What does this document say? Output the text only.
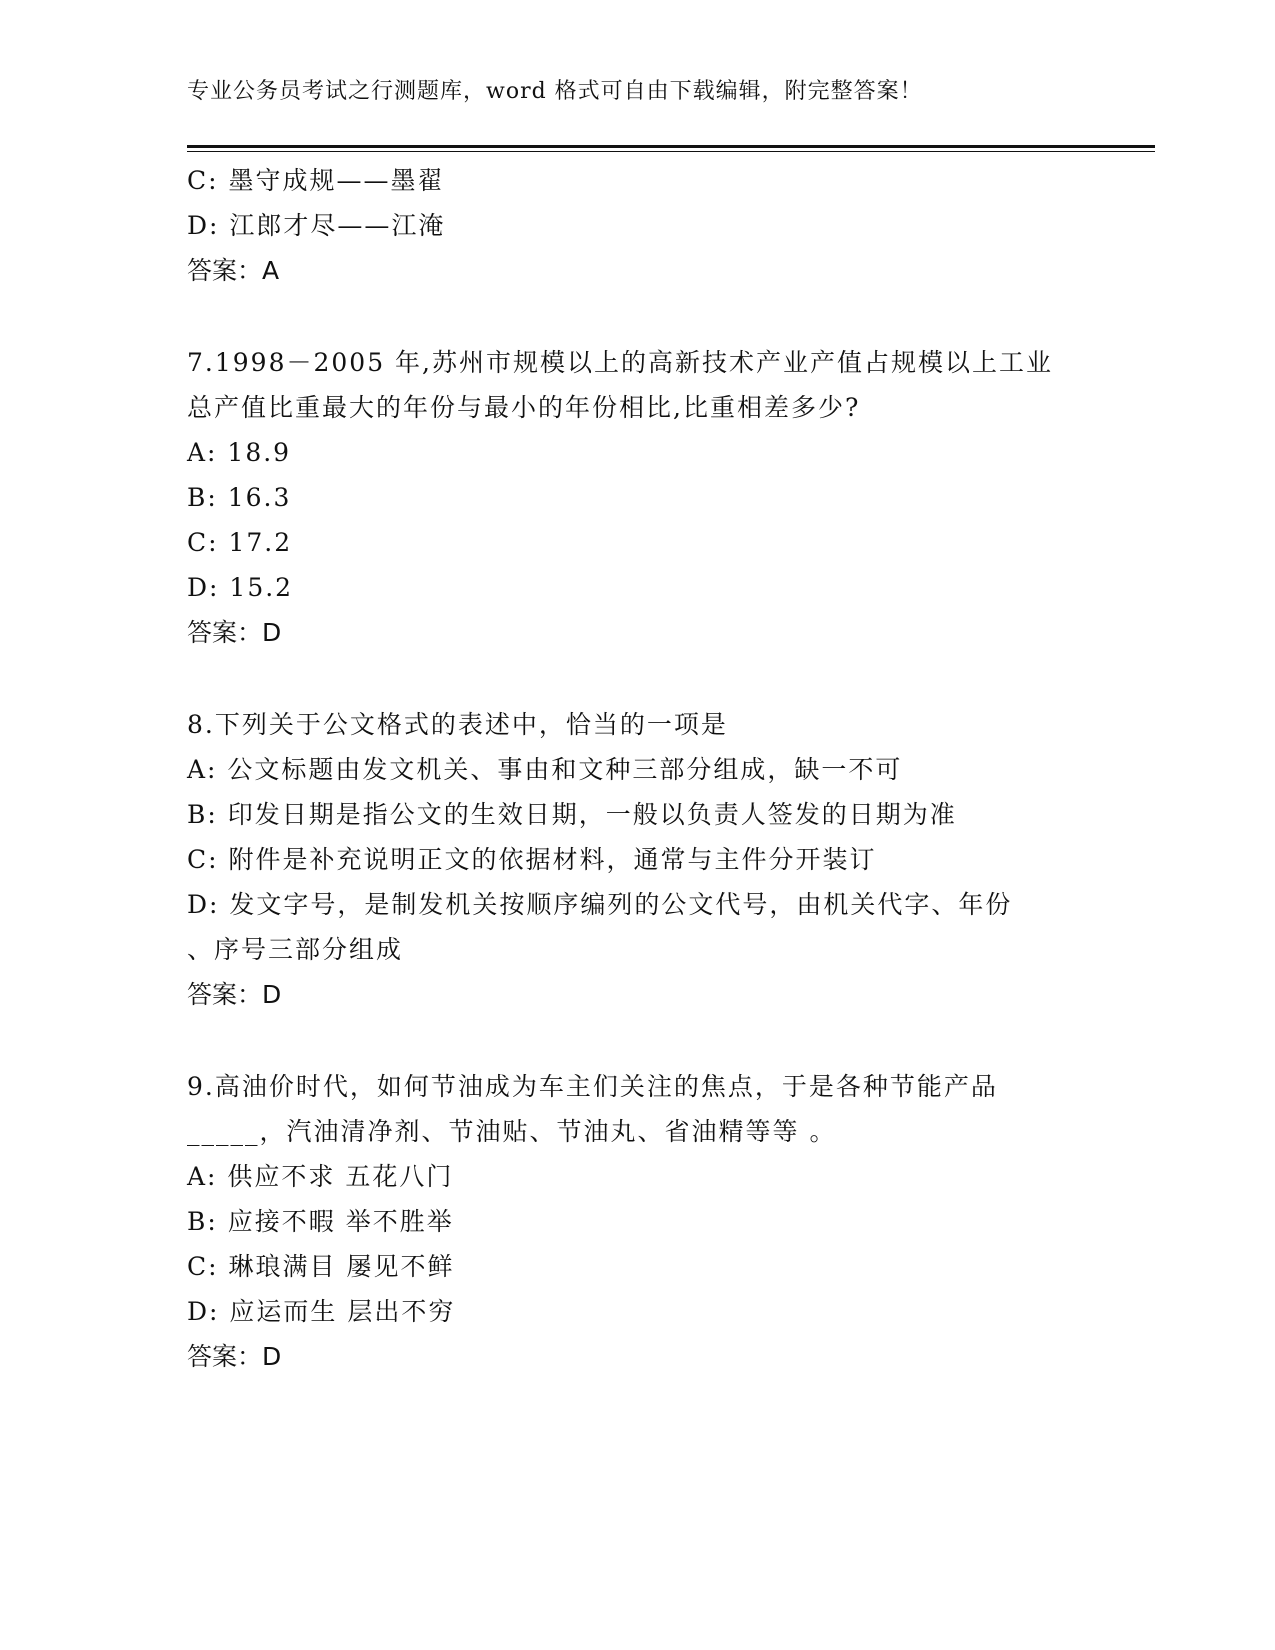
专业公务员考试之行测题库，word 格式可自由下载编辑，附完整答案！
C: 墨守成规——墨翟
D: 江郎才尽——江淹
答案：A
7.1998－2005 年,苏州市规模以上的高新技术产业产值占规模以上工业
总产值比重最大的年份与最小的年份相比,比重相差多少?
A: 18.9
B: 16.3
C: 17.2
D: 15.2
答案：D
8.下列关于公文格式的表述中，恰当的一项是
A: 公文标题由发文机关、事由和文种三部分组成，缺一不可
B: 印发日期是指公文的生效日期，一般以负责人签发的日期为准
C: 附件是补充说明正文的依据材料，通常与主件分开装订
D: 发文字号，是制发机关按顺序编列的公文代号，由机关代字、年份
、序号三部分组成
答案：D
9.高油价时代，如何节油成为车主们关注的焦点，于是各种节能产品
_____，汽油清净剂、节油贴、节油丸、省油精等等 。
A: 供应不求 五花八门
B: 应接不暇 举不胜举
C: 琳琅满目 屡见不鲜
D: 应运而生 层出不穷
答案：D
